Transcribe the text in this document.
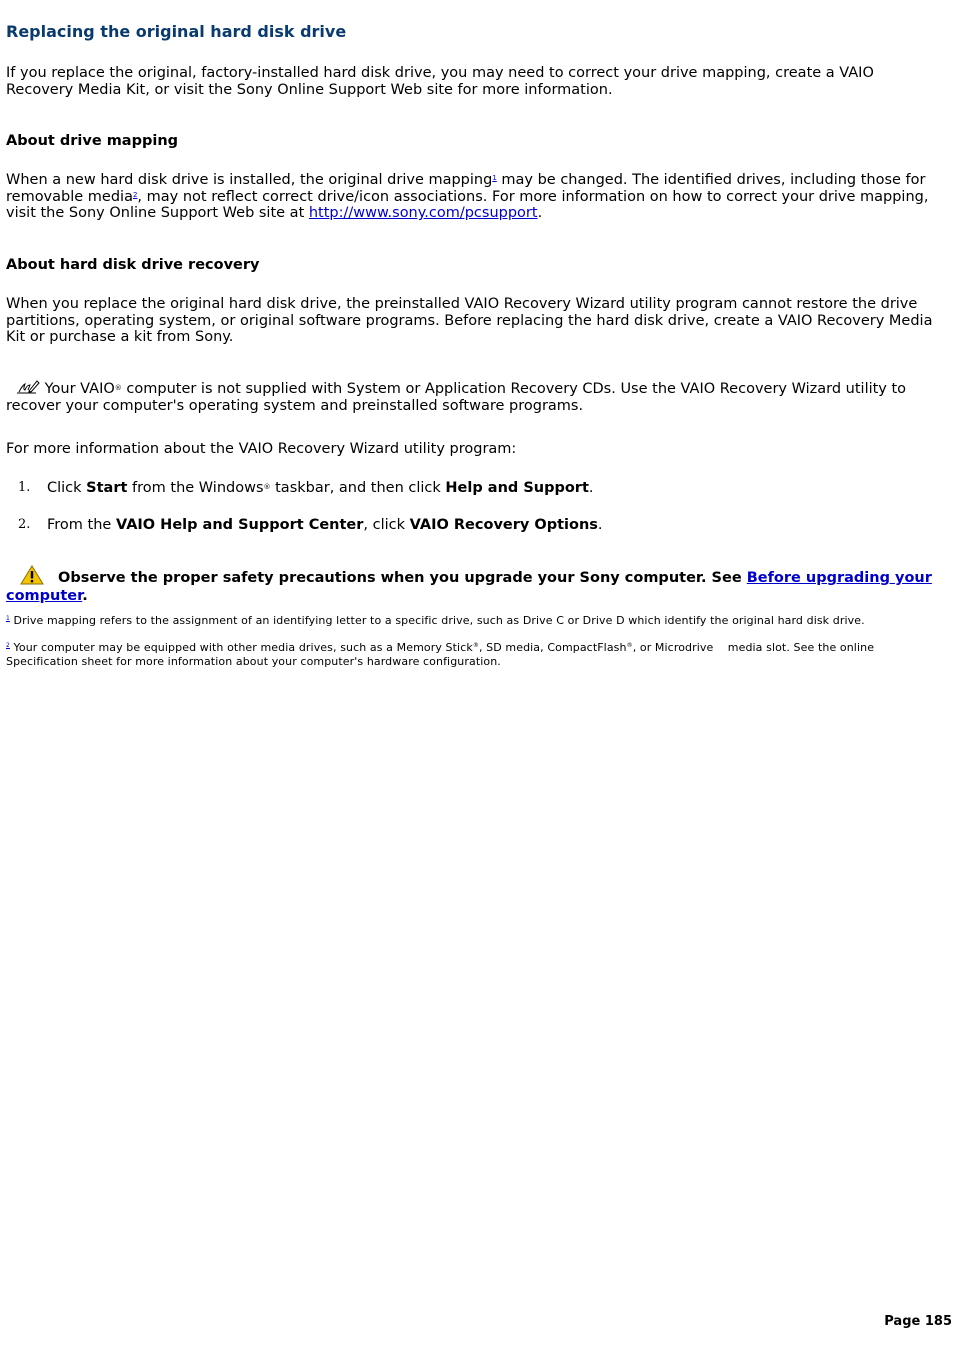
Replacing the original hard disk drive

If you replace the original, factory-installed hard disk drive, you may need to correct your drive mapping, create a VAIO Recovery Media Kit, or visit the Sony Online Support Web site for more information.

About drive mapping

When a new hard disk drive is installed, the original drive mapping$^1$ may be changed. The identified drives, including those for removable media$^2$, may not reflect correct drive/icon associations. For more information on how to correct your drive mapping, visit the Sony Online Support Web site at http://www.sony.com/pcsupport.

About hard disk drive recovery

When you replace the original hard disk drive, the preinstalled VAIO Recovery Wizard utility program cannot restore the drive partitions, operating system, or original software programs. Before replacing the hard disk drive, create a VAIO Recovery Media Kit or purchase a kit from Sony.

Your VAIO® computer is not supplied with System or Application Recovery CDs. Use the VAIO Recovery Wizard utility to recover your computer's operating system and preinstalled software programs.

For more information about the VAIO Recovery Wizard utility program:

1. Click Start from the Windows® taskbar, and then click Help and Support.
2. From the VAIO Help and Support Center, click VAIO Recovery Options.

Observe the proper safety precautions when you upgrade your Sony computer. See Before upgrading your computer.

$^1$ Drive mapping refers to the assignment of an identifying letter to a specific drive, such as Drive C or Drive D which identify the original hard disk drive.

$^2$ Your computer may be equipped with other media drives, such as a Memory Stick®, SD media, CompactFlash®, or Microdrive    media slot. See the online Specification sheet for more information about your computer's hardware configuration.

Page 185
